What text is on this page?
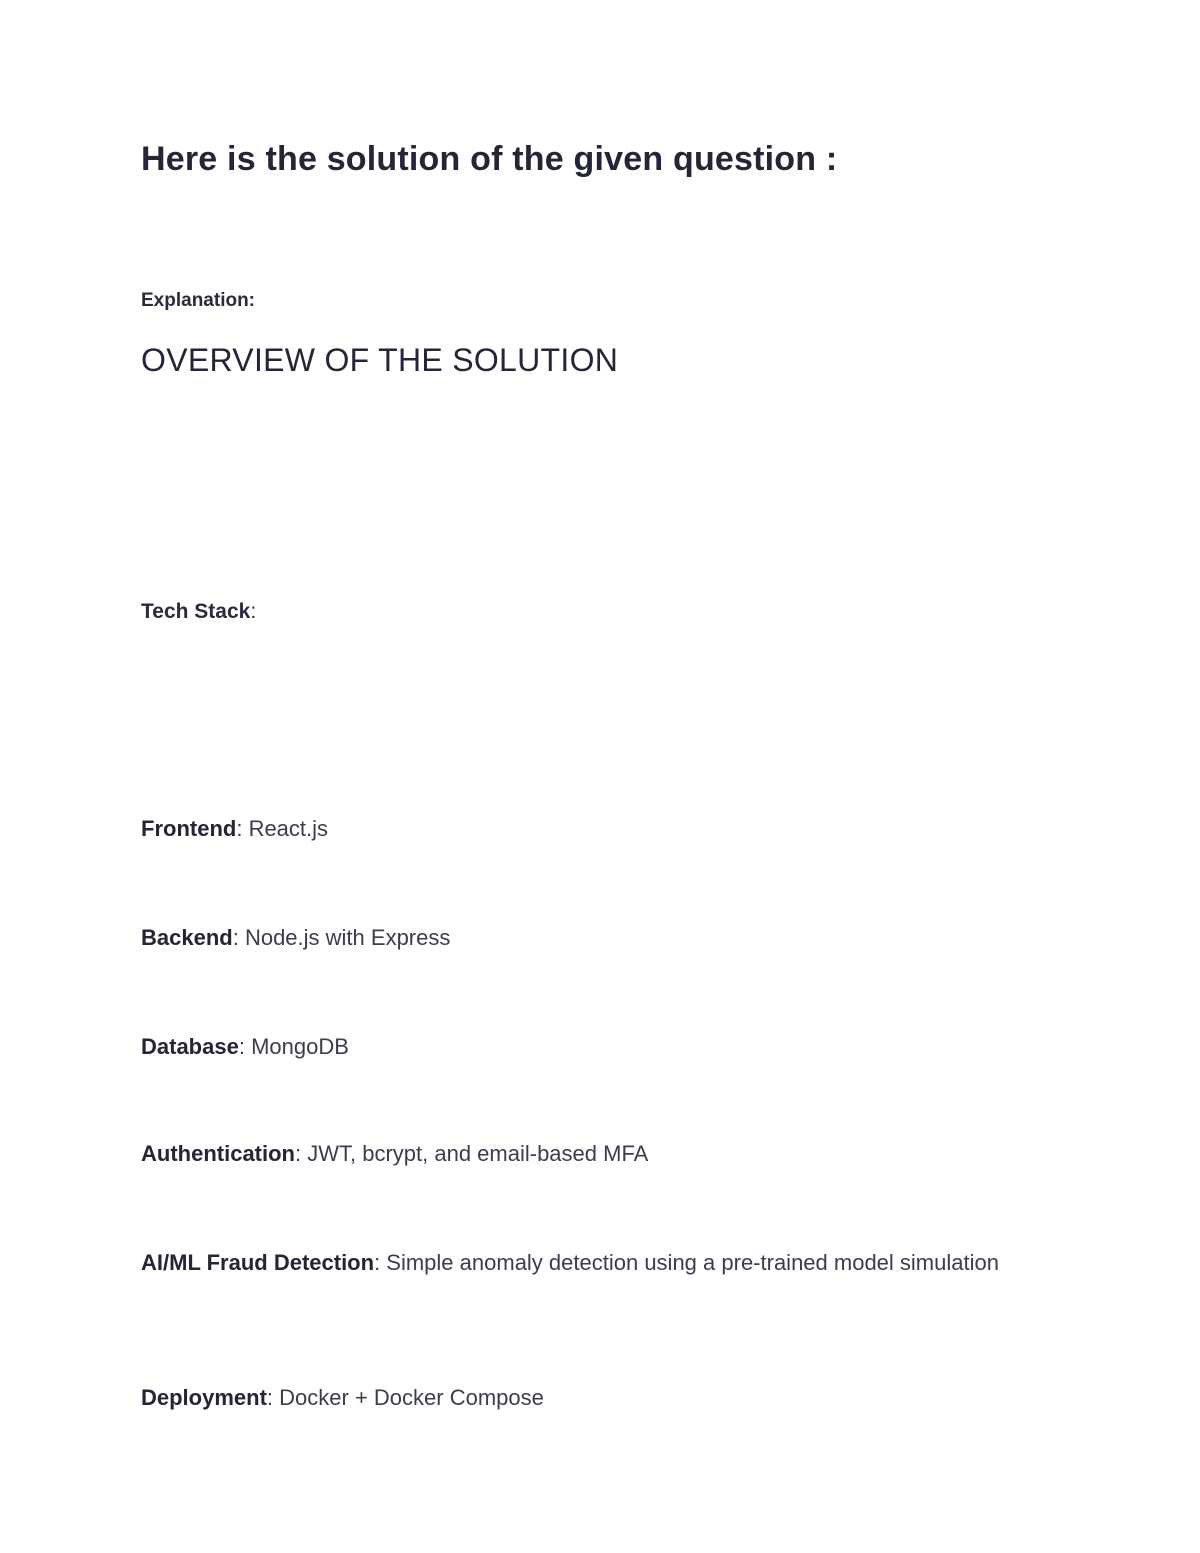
Here is the solution of the given question :
Explanation:
OVERVIEW OF THE SOLUTION
Tech Stack:
Frontend: React.js
Backend: Node.js with Express
Database: MongoDB
Authentication: JWT, bcrypt, and email-based MFA
AI/ML Fraud Detection: Simple anomaly detection using a pre-trained model simulation
Deployment: Docker + Docker Compose
